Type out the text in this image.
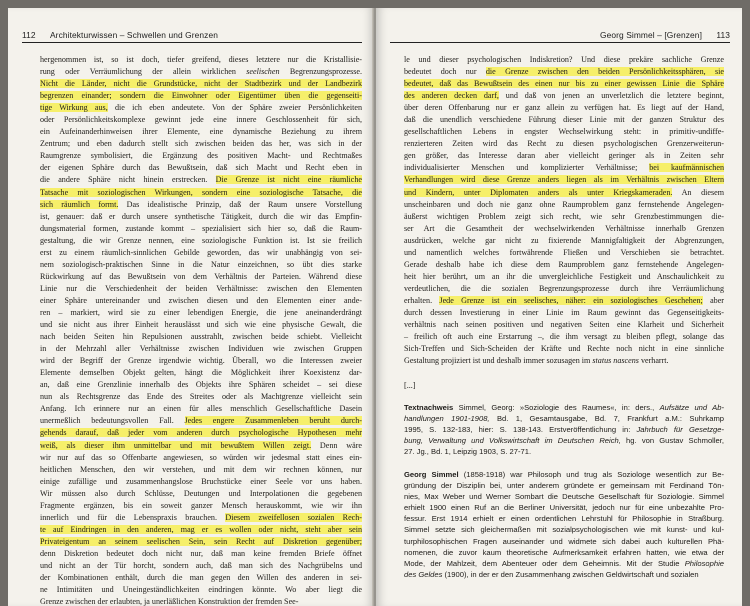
112 Architekturwissen – Schwellen und Grenzen
hergenommen ist, so ist doch, tiefer greifend, dieses letztere nur die Kristallisie-
rung oder Verräumlichung der allein wirklichen seelischen Begrenzungsprozesse.
Nicht die Länder, nicht die Grundstücke, nicht der Stadtbezirk und der Landbezirk
begrenzen einander; sondern die Einwohner oder Eigentümer üben die gegenseiti-
tige Wirkung aus, die ich eben andeutete. Von der Sphäre zweier Persönlichkeiten
oder Persönlichkeitskomplexe gewinnt jede eine innere Geschlossenheit für sich,
ein Aufeinanderhinweisen ihrer Elemente, eine dynamische Beziehung zu ihrem
Zentrum; und eben dadurch stellt sich zwischen beiden das her, was sich in der
Raumgrenze symbolisiert, die Ergänzung des positiven Macht- und Rechtmaßes
der eigenen Sphäre durch das Bewußtsein, daß sich Macht und Recht eben in
die andere Sphäre nicht hinein erstrecken. Die Grenze ist nicht eine räumliche
Tatsache mit soziologischen Wirkungen, sondern eine soziologische Tatsache, die
sich räumlich formt. Das idealistische Prinzip, daß der Raum unsere Vorstellung
ist, genauer: daß er durch unsere synthetische Tätigkeit, durch die wir das Empfin-
dungsmaterial formen, zustande kommt – spezialisiert sich hier so, daß die Raum-
gestaltung, die wir Grenze nennen, eine soziologische Funktion ist. Ist sie freilich
erst zu einem räumlich-sinnlichen Gebilde geworden, das wir unabhängig von sei-
nem soziologisch-praktischen Sinne in die Natur einzeichnen, so übt dies starke
Rückwirkung auf das Bewußtsein von dem Verhältnis der Parteien. Während diese
Linie nur die Verschiedenheit der beiden Verhältnisse: zwischen den Elementen
einer Sphäre untereinander und zwischen diesen und den Elementen einer ande-
ren – markiert, wird sie zu einer lebendigen Energie, die jene aneinanderdrängt
und sie nicht aus ihrer Einheit herauslässt und sich wie eine physische Gewalt, die
nach beiden Seiten hin Repulsionen ausstrahlt, zwischen beide schiebt. Vielleicht
in der Mehrzahl aller Verhältnisse zwischen Individuen wie zwischen Gruppen
wird der Begriff der Grenze irgendwie wichtig. Überall, wo die Interessen zweier
Elemente demselben Objekt gelten, hängt die Möglichkeit ihrer Koexistenz dar-
an, daß eine Grenzlinie innerhalb des Objekts ihre Sphären scheidet – sei diese
nun als Rechtsgrenze das Ende des Streites oder als Machtgrenze vielleicht sein
Anfang. Ich erinnere nur an einen für alles menschlich Gesellschaftliche Dasein
unermeßlich bedeutungsvollen Fall. Jedes engere Zusammenleben beruht durch-
gehends darauf, daß jeder vom anderen durch psychologische Hypothesen mehr
weiß, als dieser ihm unmittelbar und mit bewußtem Willen zeigt. Denn wäre
wir nur auf das so Offenbarte angewiesen, so würden wir jedesmal statt eines ein-
heitlichen Menschen, den wir verstehen, und mit dem wir rechnen können, nur
einige zufällige und zusammenhangslose Bruchstücke einer Seele vor uns haben.
Wir müssen also durch Schlüsse, Deutungen und Interpolationen die gegebenen
Fragmente ergänzen, bis ein soweit ganzer Mensch herauskommt, wie wir ihn
innerlich und für die Lebenspraxis brauchen. Diesem zweifellosen sozialen Rech-
te auf Eindringen in den anderen, mag er es wollen oder nicht, steht aber sein
Privateigentum an seinem seelischen Sein, sein Recht auf Diskretion gegenüber;
denn Diskretion bedeutet doch nicht nur, daß man keine fremden Briefe öffnet
und nicht an der Tür horcht, sondern auch, daß man sich des Nachgrübelns und
der Kombinationen enthält, durch die man gegen den Willen des anderen in sei-
ne Intimitäten und Uneingeständlichkeiten eindringen könnte. Wo aber liegt die
Grenze zwischen der erlaubten, ja unerläßlichen Konstruktion der fremden See-
Georg Simmel – [Grenzen] 113
le und dieser psychologischen Indiskretion? Und diese prekäre sachliche Grenze
bedeutet doch nur die Grenze zwischen den beiden Persönlichkeitssphären, sie
bedeutet, daß das Bewußtsein des einen nur bis zu einer gewissen Linie die Sphäre
des anderen decken darf, und daß von jenen an unverletzlich die letztere beginnt,
über deren Offenbarung nur er ganz allein zu verfügen hat. Es liegt auf der Hand,
daß die unendlich verschiedene Führung dieser Linie mit der ganzen Struktur des
gesellschaftlichen Lebens in engster Wechselwirkung steht: in primitiv-undiffe-
renzierteren Zeiten wird das Recht zu diesen psychologischen Grenzerweiterun-
gen größer, das Interesse daran aber vielleicht geringer als in Zeiten sehr
individualisierter Menschen und komplizierter Verhältnisse; bei kaufmännischen
Verhandlungen wird diese Grenze anders liegen als im Verhältnis zwischen Eltern
und Kindern, unter Diplomaten anders als unter Kriegskameraden. An diesem
unscheinbaren und doch nie ganz ohne Raumproblem ganz fernstehende Angelegen-
äußerst wichtigen Problem zeigt sich recht, wie sehr Grenzbestimmungen die-
ser Art die Gesamtheit der wechselwirkenden Verhältnisse innerhalb Grenzen
ausdrücken, welche gar nicht zu fixierende Mannigfaltigkeit der Abgrenzungen,
und namentlich welches fortwährende Fließen und Verschieben sie betrachtet.
Gerade deshalb habe ich diese dem Raumproblem ganz fernstehende Angelegen-
heit hier berührt, um an ihr die unvergleichliche Festigkeit und Anschaulichkeit zu
verdeutlichen, die die sozialen Begrenzungsprozesse durch ihre Verräumlichung
erhalten. Jede Grenze ist ein seelisches, näher: ein soziologisches Geschehen; aber
durch dessen Investierung in einer Linie im Raum gewinnt das Gegenseitigkeits-
verhältnis nach seinen positiven und negativen Seiten eine Klarheit und Sicherheit
– freilich oft auch eine Erstarrung –, die ihm versagt zu bleiben pflegt, solange das
Sich-Treffen und Sich-Scheiden der Kräfte und Rechte noch nicht in eine sinnliche
Gestaltung projiziert ist und deshalb immer sozusagen im status nascens verharrt.
[...]
Textnachweis Simmel, Georg: »Soziologie des Raumes«, in: ders., Aufsätze und Ab-
handlungen 1901-1908, Bd. 1, Gesamtausgabe, Bd. 7, Frankfurt a.M.: Suhrkamp
1995, S. 132-183, hier: S. 138-143. Erstveröffentlichung in: Jahrbuch für Gesetzge-
bung, Verwaltung und Volkswirtschaft im Deutschen Reich, hg. von Gustav Schmoller,
27. Jg., Bd. 1, Leipzig 1903, S. 27-71.
Georg Simmel (1858-1918) war Philosoph und trug als Soziologe wesentlich zur Be-
gründung der Disziplin bei, unter anderem gründete er gemeinsam mit Ferdinand Tön-
nies, Max Weber und Werner Sombart die Deutsche Gesellschaft für Soziologie. Simmel
erhielt 1900 einen Ruf an die Berliner Universität, jedoch nur für eine unbezahlte Pro-
fessur. Erst 1914 erhielt er einen ordentlichen Lehrstuhl für Philosophie in Straßburg.
Simmel setzte sich gleichermaßen mit sozialpsychologischen wie mit kunst- und kul-
turphilosophischen Fragen auseinander und widmete sich dabei auch kulturellen Phä-
nomenen, die zuvor kaum theoretische Aufmerksamkeit erfahren hatten, wie etwa der
Mode, der Mahlzeit, dem Abenteuer oder dem Geheimnis. Mit der Studie Philosophie
des Geldes (1900), in der er den Zusammenhang zwischen Geldwirtschaft und sozialen
